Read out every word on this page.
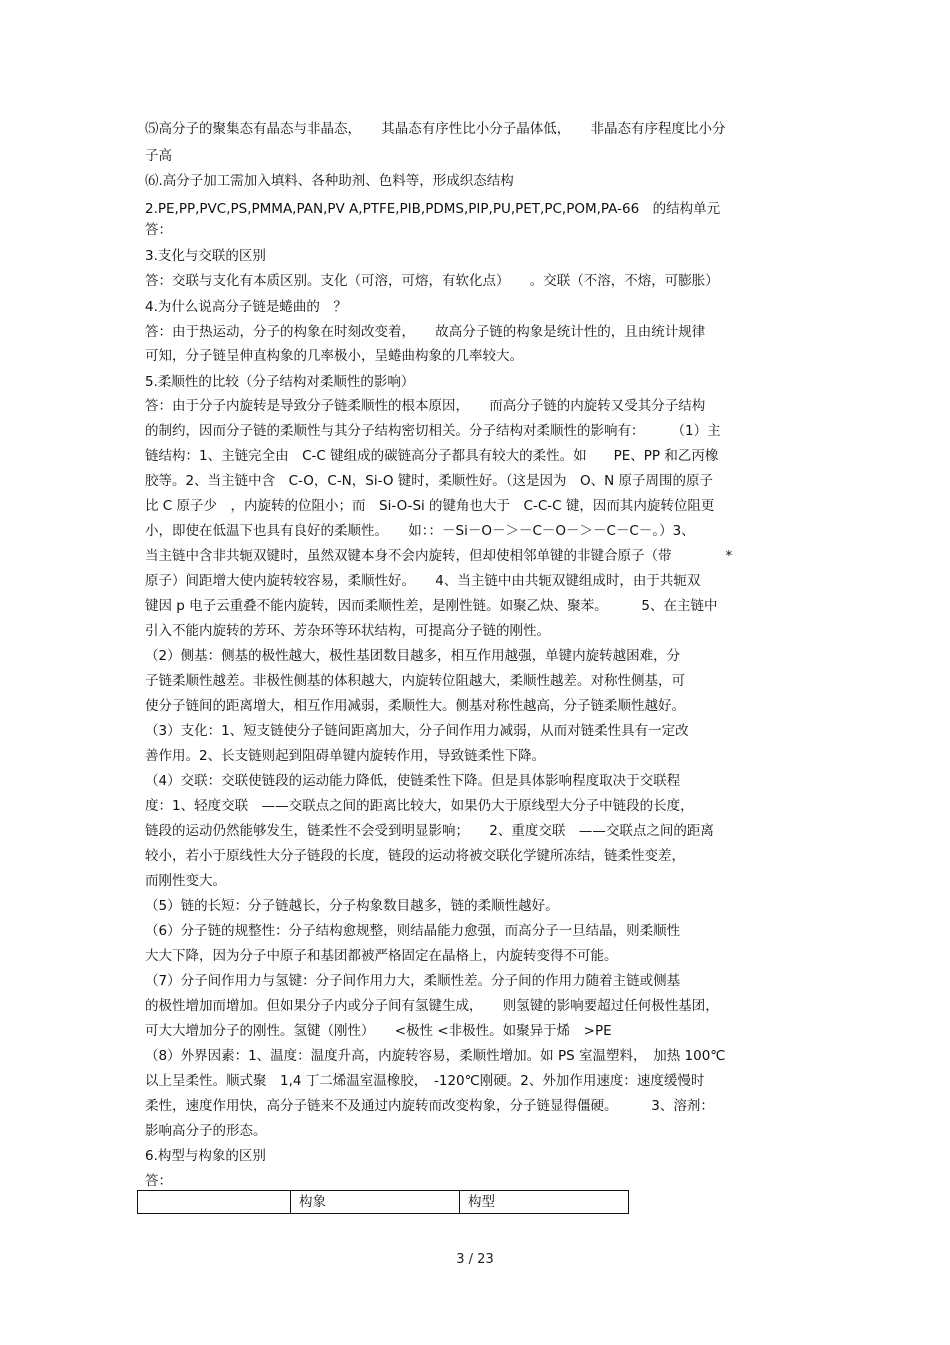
⑸高分子的聚集态有晶态与非晶态，　　其晶态有序性比小分子晶体低，　　非晶态有序程度比小分
子高
⑹.高分子加工需加入填料、各种助剂、色料等，形成织态结构
2.PE,PP,PVC,PS,PMMA,PAN,PV A,PTFE,PIB,PDMS,PIP,PU,PET,PC,POM,PA-66　的结构单元
答：
3.支化与交联的区别
答：交联与支化有本质区别。支化（可溶，可熔，有软化点）　　。交联（不溶，不熔，可膨胀）
4.为什么说高分子链是蜷曲的　？
答：由于热运动，分子的构象在时刻改变着，　　故高分子链的构象是统计性的，且由统计规律
可知，分子链呈伸直构象的几率极小，呈蜷曲构象的几率较大。
5.柔顺性的比较（分子结构对柔顺性的影响）
答：由于分子内旋转是导致分子链柔顺性的根本原因，　　而高分子链的内旋转又受其分子结构
的制约，因而分子链的柔顺性与其分子结构密切相关。分子结构对柔顺性的影响有：　　　（1）主
链结构：1、主链完全由　C-C 键组成的碳链高分子都具有较大的柔性。如　　PE、PP 和乙丙橡
胶等。2、当主链中含　C-O，C-N，Si-O 键时，柔顺性好。（这是因为　O、N 原子周围的原子
比 C 原子少　，内旋转的位阻小；而　Si-O-Si 的键角也大于　C-C-C 键，因而其内旋转位阻更
小，即使在低温下也具有良好的柔顺性。　　如：：－Si－O－＞－C－O－＞－C－C－。）3、
当主链中含非共轭双键时，虽然双键本身不会内旋转，但却使相邻单键的非键合原子（带　　　　*
原子）间距增大使内旋转较容易，柔顺性好。　　4、当主链中由共轭双键组成时，由于共轭双
键因 p 电子云重叠不能内旋转，因而柔顺性差，是刚性链。如聚乙炔、聚苯。　　　5、在主链中
引入不能内旋转的芳环、芳杂环等环状结构，可提高分子链的刚性。
（2）侧基：侧基的极性越大，极性基团数目越多，相互作用越强，单键内旋转越困难，分
子链柔顺性越差。非极性侧基的体积越大，内旋转位阻越大，柔顺性越差。对称性侧基，可
使分子链间的距离增大，相互作用减弱，柔顺性大。侧基对称性越高，分子链柔顺性越好。
（3）支化：1、短支链使分子链间距离加大，分子间作用力减弱，从而对链柔性具有一定改
善作用。2、长支链则起到阻碍单键内旋转作用，导致链柔性下降。
（4）交联：交联使链段的运动能力降低，使链柔性下降。但是具体影响程度取决于交联程
度：1、轻度交联　——交联点之间的距离比较大，如果仍大于原线型大分子中链段的长度，
链段的运动仍然能够发生，链柔性不会受到明显影响；　　2、重度交联　——交联点之间的距离
较小，若小于原线性大分子链段的长度，链段的运动将被交联化学键所冻结，链柔性变差，
而刚性变大。
（5）链的长短：分子链越长，分子构象数目越多，链的柔顺性越好。
（6）分子链的规整性：分子结构愈规整，则结晶能力愈强，而高分子一旦结晶，则柔顺性
大大下降，因为分子中原子和基团都被严格固定在晶格上，内旋转变得不可能。
（7）分子间作用力与氢键：分子间作用力大，柔顺性差。分子间的作用力随着主链或侧基
的极性增加而增加。但如果分子内或分子间有氢键生成，　　则氢键的影响要超过任何极性基团，
可大大增加分子的刚性。氢键（刚性）　　<极性 <非极性。如聚异于烯　>PE
（8）外界因素：1、温度：温度升高，内旋转容易，柔顺性增加。如 PS 室温塑料，　加热 100℃
以上呈柔性。顺式聚　1,4 丁二烯温室温橡胶，　-120℃刚硬。2、外加作用速度：速度缓慢时
柔性，速度作用快，高分子链来不及通过内旋转而改变构象，分子链显得僵硬。　　　3、溶剂：
影响高分子的形态。
6.构型与构象的区别
答：
构象	构型
3 / 23
